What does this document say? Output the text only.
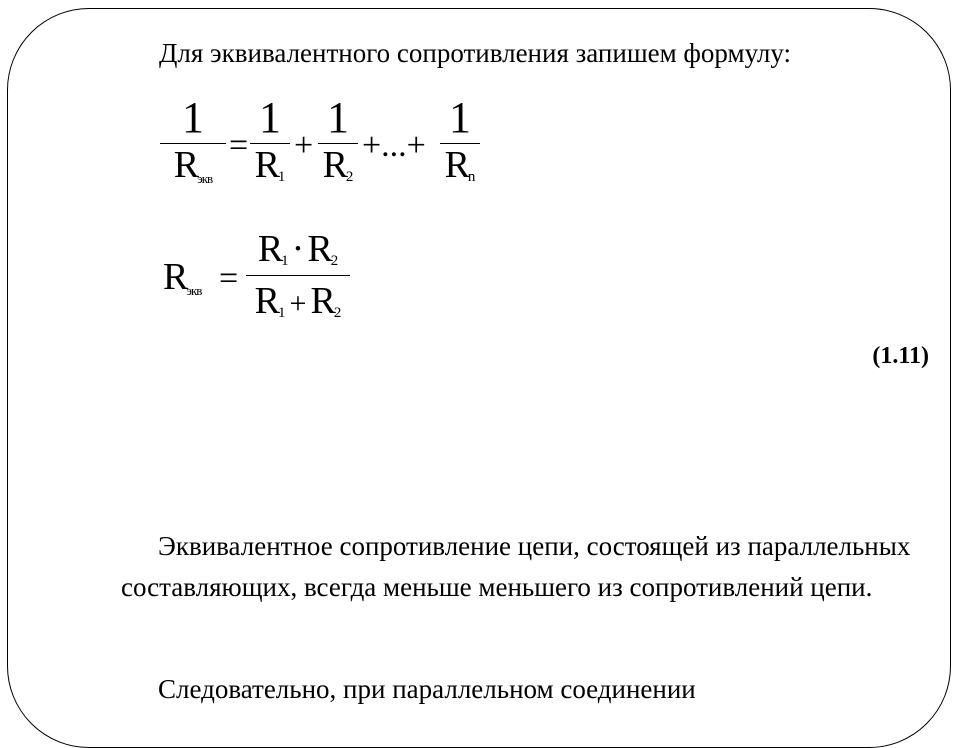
Для эквивалентного сопротивления запишем формулу:
1
$R_{экв}$
=
1
$R_1$
+
1
$R_2$
+...+
1
$R_n$
$R_{экв}$ =
$R_1\cdot R_2$
$R_1 + R_2$
(1.11)

Эквивалентное сопротивление цепи, состоящей из параллельных составляющих, всегда меньше меньшего из сопротивлений цепи.

Следовательно, при параллельном соединении
